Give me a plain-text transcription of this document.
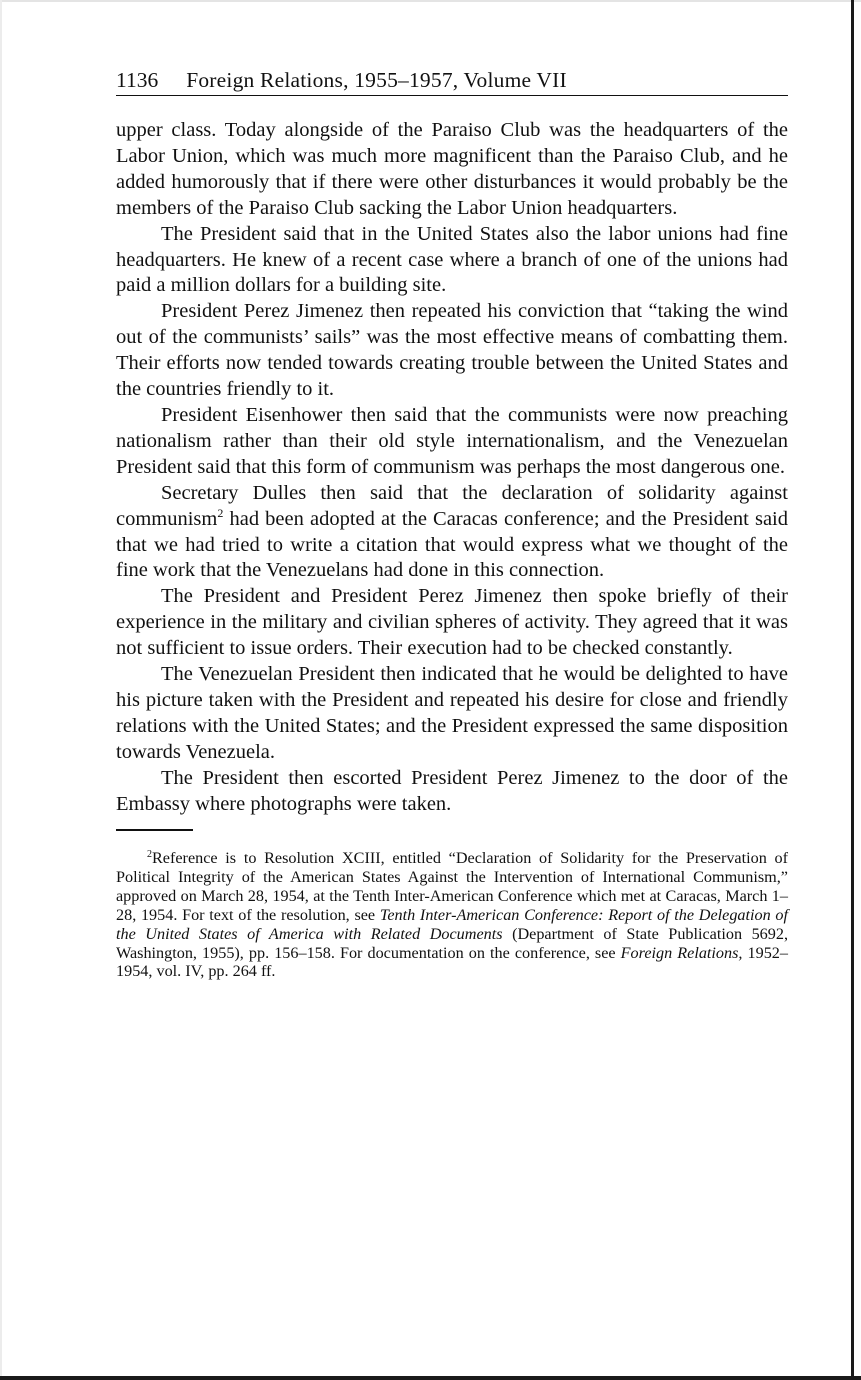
1136 Foreign Relations, 1955–1957, Volume VII

upper class. Today alongside of the Paraiso Club was the headquarters of the Labor Union, which was much more magnificent than the Paraiso Club, and he added humorously that if there were other disturbances it would probably be the members of the Paraiso Club sacking the Labor Union headquarters.

The President said that in the United States also the labor unions had fine headquarters. He knew of a recent case where a branch of one of the unions had paid a million dollars for a building site.

President Perez Jimenez then repeated his conviction that “taking the wind out of the communists’ sails” was the most effective means of combatting them. Their efforts now tended towards creating trouble between the United States and the countries friendly to it.

President Eisenhower then said that the communists were now preaching nationalism rather than their old style internationalism, and the Venezuelan President said that this form of communism was perhaps the most dangerous one.

Secretary Dulles then said that the declaration of solidarity against communism$^2$ had been adopted at the Caracas conference; and the President said that we had tried to write a citation that would express what we thought of the fine work that the Venezuelans had done in this connection.

The President and President Perez Jimenez then spoke briefly of their experience in the military and civilian spheres of activity. They agreed that it was not sufficient to issue orders. Their execution had to be checked constantly.

The Venezuelan President then indicated that he would be delighted to have his picture taken with the President and repeated his desire for close and friendly relations with the United States; and the President expressed the same disposition towards Venezuela.

The President then escorted President Perez Jimenez to the door of the Embassy where photographs were taken.

$^2$Reference is to Resolution XCIII, entitled “Declaration of Solidarity for the Preservation of Political Integrity of the American States Against the Intervention of International Communism,” approved on March 28, 1954, at the Tenth Inter-American Conference which met at Caracas, March 1–28, 1954. For text of the resolution, see Tenth Inter-American Conference: Report of the Delegation of the United States of America with Related Documents (Department of State Publication 5692, Washington, 1955), pp. 156–158. For documentation on the conference, see Foreign Relations, 1952–1954, vol. IV, pp. 264 ff.
